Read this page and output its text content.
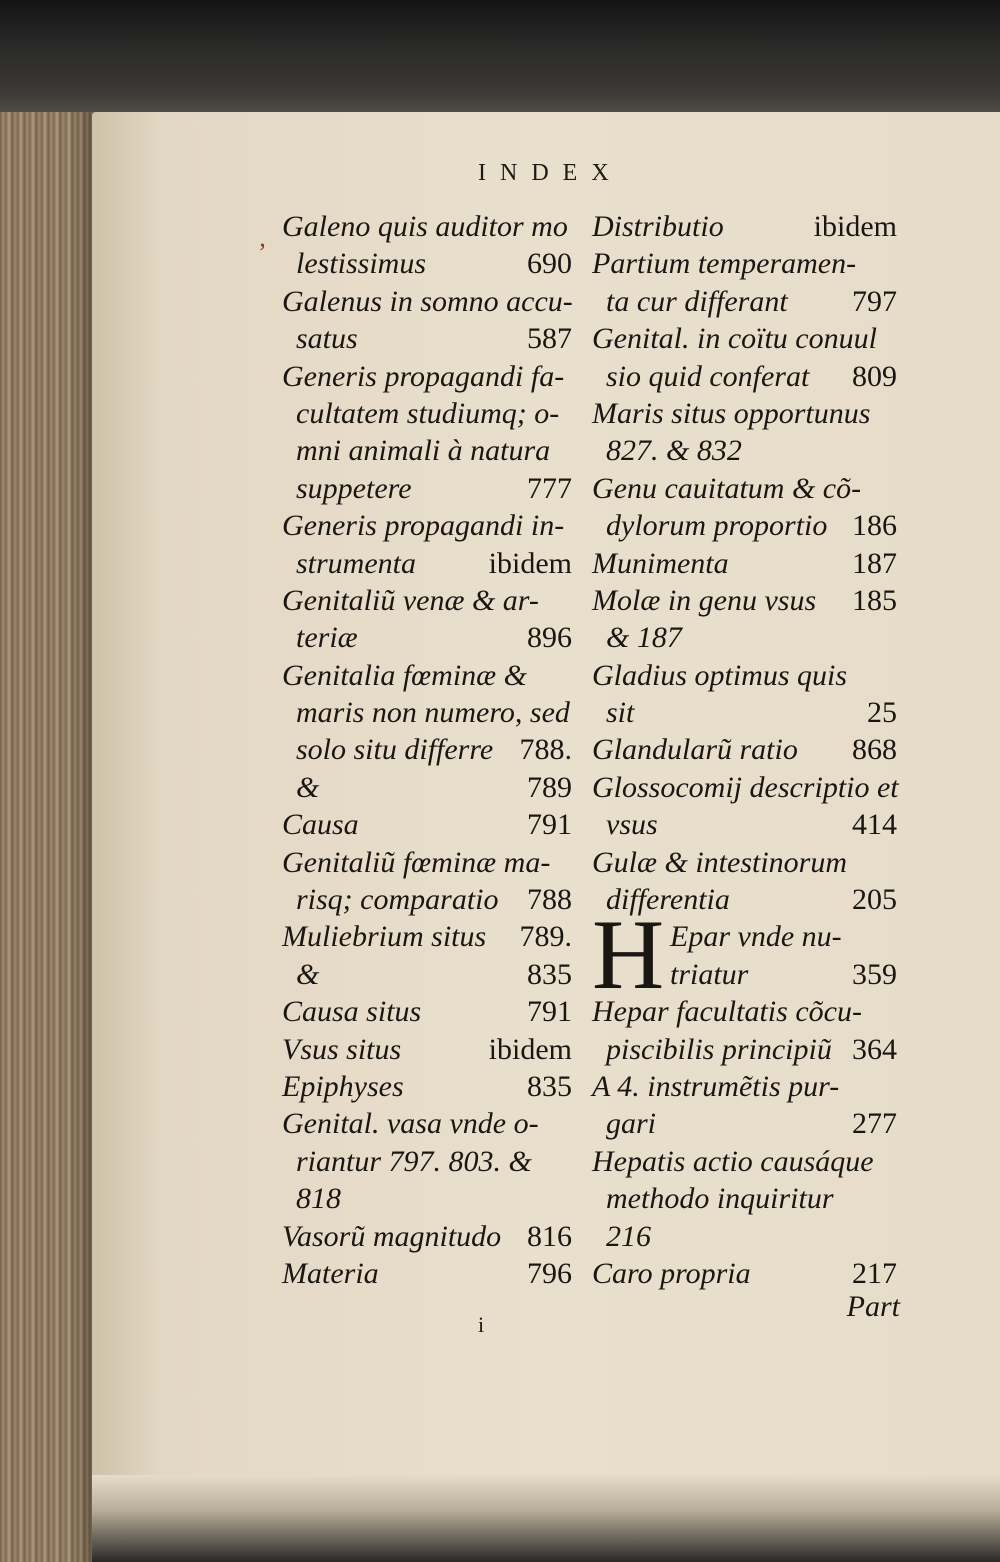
INDEX
’
Galeno quis auditor mo
lestissimus	690
Galenus in somno accu-
satus	587
Generis propagandi fa-
cultatem studiumq; o-
mni animali à natura
suppetere	777
Generis propagandi in-
strumenta ibidem
Genitaliũ venæ & ar-
teriæ	896
Genitalia fœminæ &
maris non numero, sed
solo situ differre 788.
&	789
Causa	791
Genitaliũ fœminæ ma-
risq; comparatio 788
Muliebrium situs 789.
&	835
Causa situs	791
Vsus situs	ibidem
Epiphyses	835
Genital. vasa vnde o-
riantur 797. 803. &
818
Vasorũ magnitudo 816
Materia	796
Distributio	ibidem
Partium temperamen-
ta cur differant 797
Genital. in coïtu conuul
sio quid conferat 809
Maris situs opportunus
827. & 832
Genu cauitatum & cõ-
dylorum proportio 186
Munimenta	187
Molæ in genu vsus 185
& 187
Gladius optimus quis
sit	25
Glandularũ ratio 868
Glossocomij descriptio et
vsus	414
Gulæ & intestinorum
differentia	205
Epar vnde nu-
triatur	359
Hepar facultatis cõcu-
piscibilis principiũ 364
A 4. instrumẽtis pur-
gari	277
Hepatis actio causáque
methodo inquiritur
216
Caro propria	217
H
Part
i
